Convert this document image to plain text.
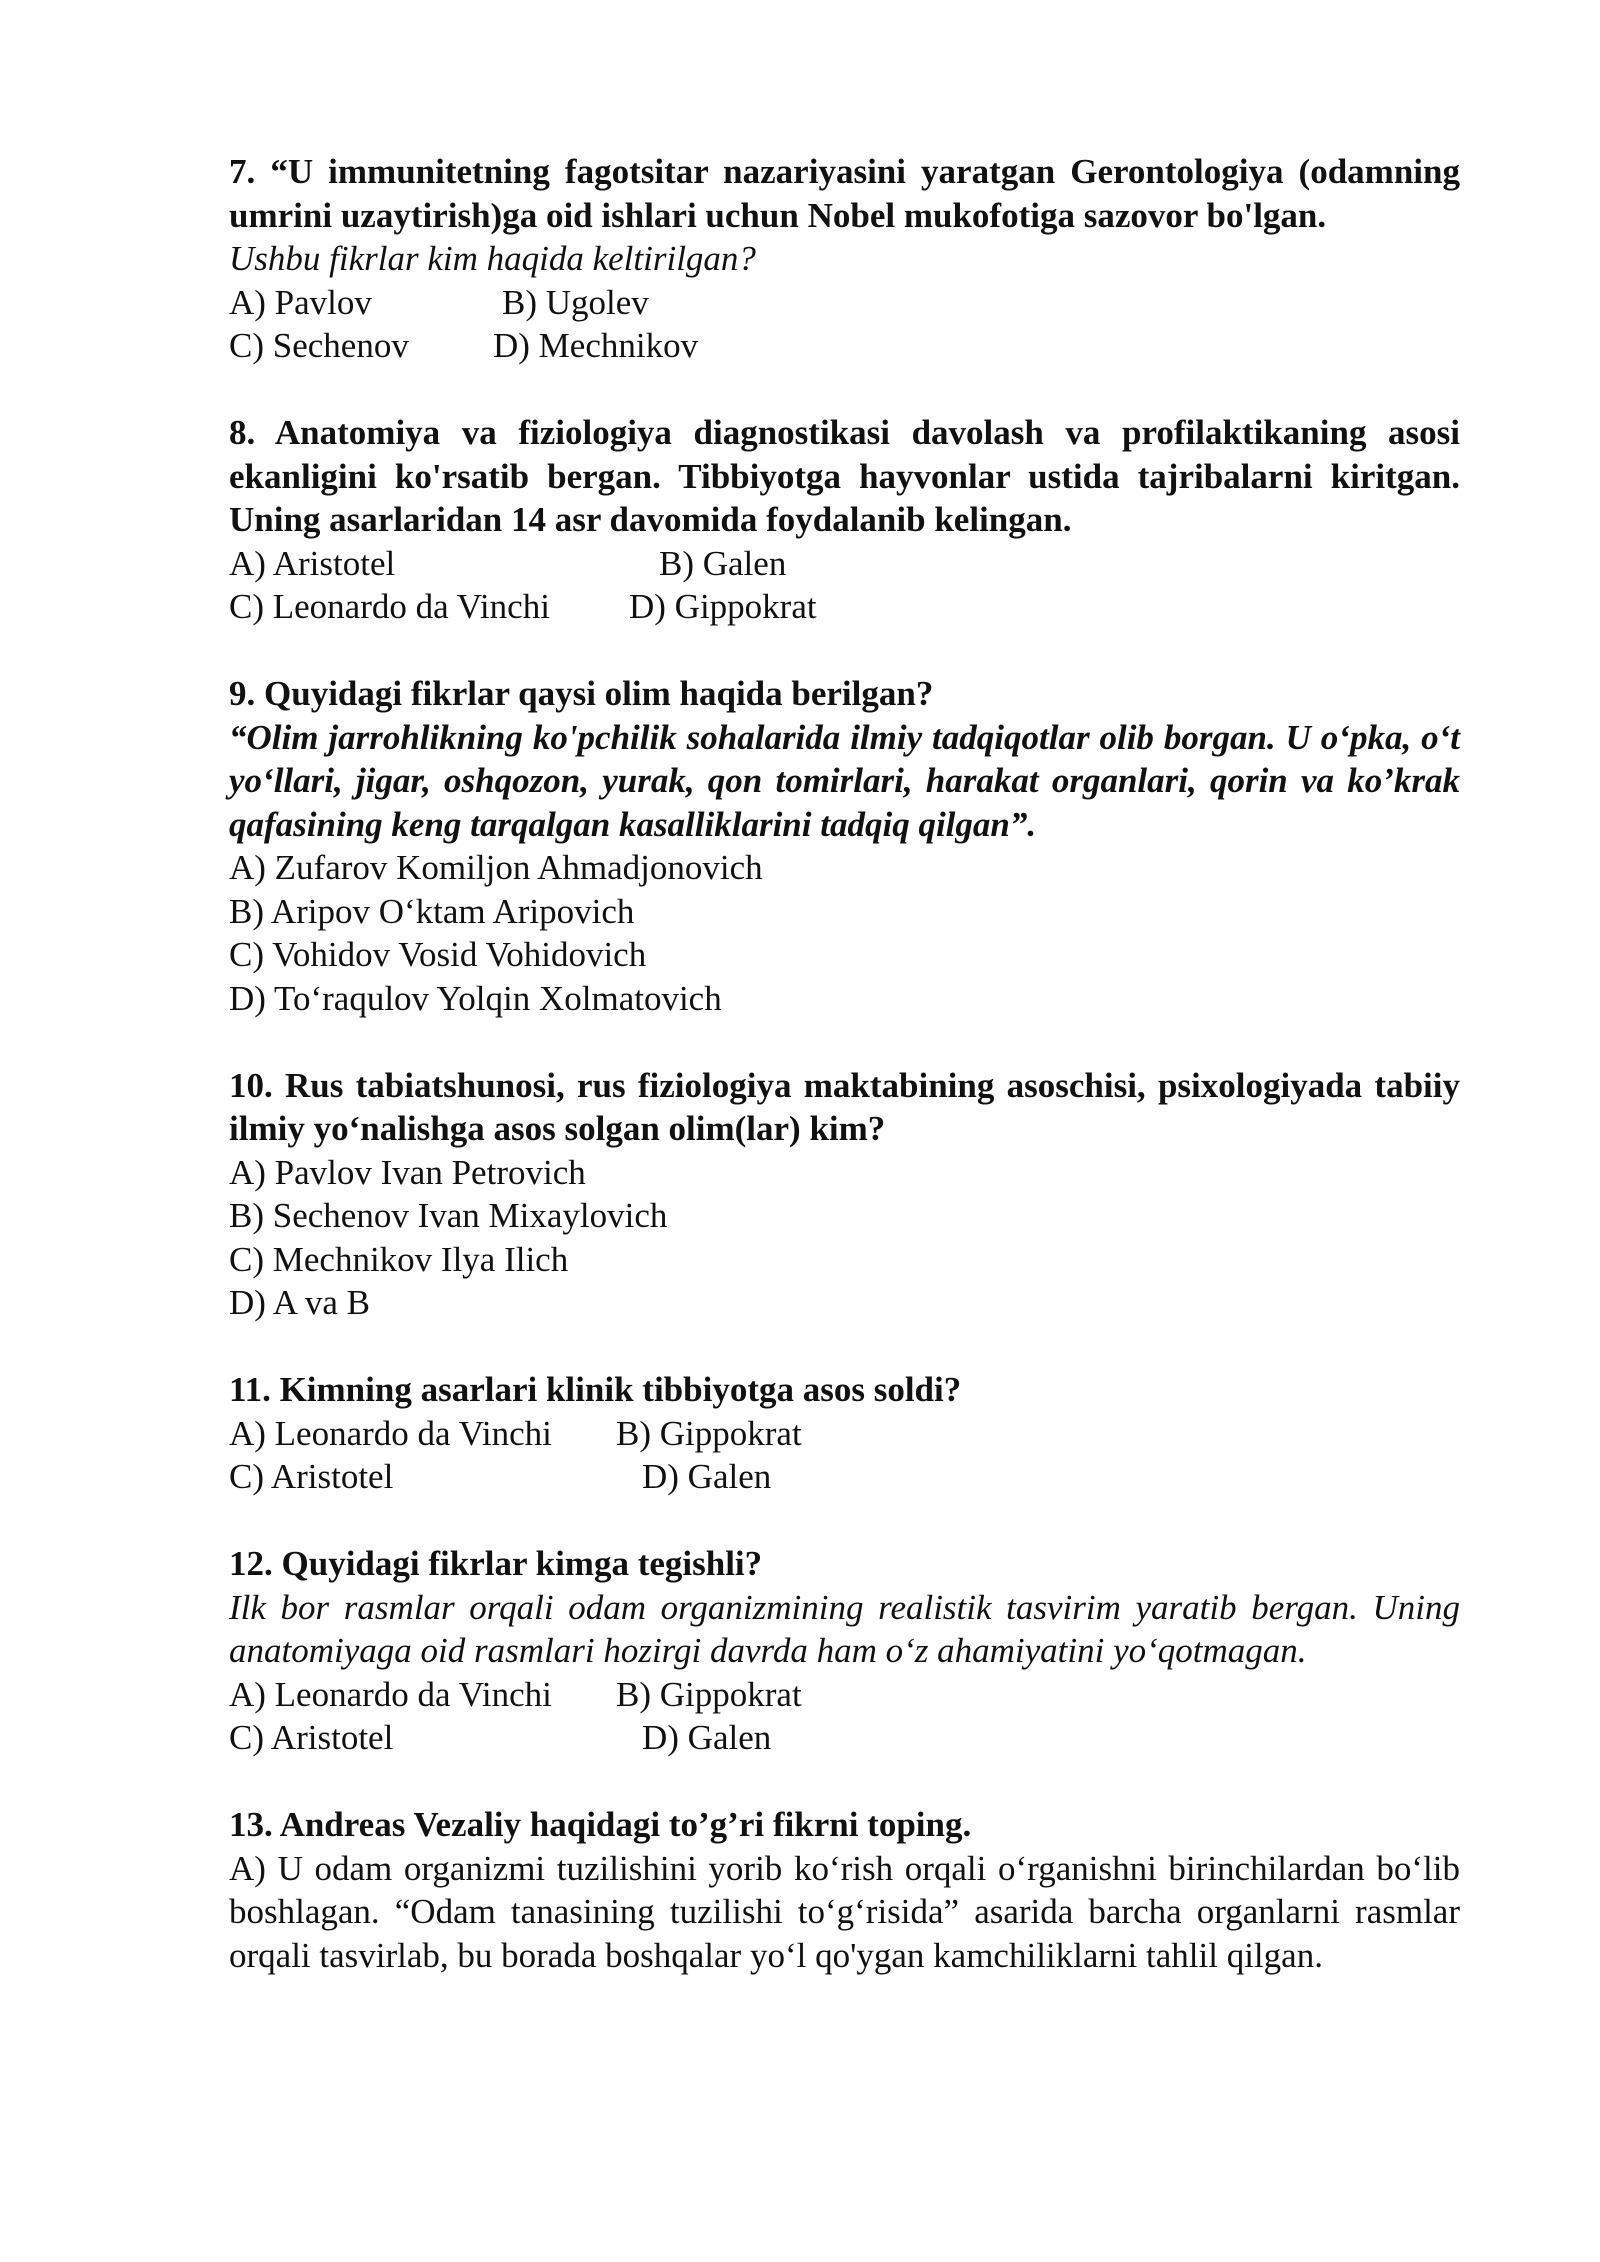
7. “U immunitetning fagotsitar nazariyasini yaratgan Gerontologiya (odamning umrini uzaytirish)ga oid ishlari uchun Nobel mukofotiga sazovor bo'lgan.

Ushbu fikrlar kim haqida keltirilgan?

A) Pavlov	B) Ugolev
C) Sechenov D) Mechnikov

8. Anatomiya va fiziologiya diagnostikasi davolash va profilaktikaning asosi ekanligini ko'rsatib bergan. Tibbiyotga hayvonlar ustida tajribalarni kiritgan. Uning asarlaridan 14 asr davomida foydalanib kelingan.

A) Aristotel	B) Galen
C) Leonardo da Vinchi D) Gippokrat

9. Quyidagi fikrlar qaysi olim haqida berilgan?

“Olim jarrohlikning ko'pchilik sohalarida ilmiy tadqiqotlar olib borgan. U o‘pka, o‘t yo‘llari, jigar, oshqozon, yurak, qon tomirlari, harakat organlari, qorin va ko’krak qafasining keng tarqalgan kasalliklarini tadqiq qilgan”.

A) Zufarov Komiljon Ahmadjonovich

B) Aripov O‘ktam Aripovich

C) Vohidov Vosid Vohidovich

D) To‘raqulov Yolqin Xolmatovich

10. Rus tabiatshunosi, rus fiziologiya maktabining asoschisi, psixologiyada tabiiy ilmiy yo‘nalishga asos solgan olim(lar) kim?

A) Pavlov Ivan Petrovich

B) Sechenov Ivan Mixaylovich

C) Mechnikov Ilya Ilich

D) A va B

11. Kimning asarlari klinik tibbiyotga asos soldi?

A) Leonardo da Vinchi B) Gippokrat
C) Aristotel	D) Galen

12. Quyidagi fikrlar kimga tegishli?

Ilk bor rasmlar orqali odam organizmining realistik tasvirim yaratib bergan. Uning anatomiyaga oid rasmlari hozirgi davrda ham o‘z ahamiyatini yo‘qotmagan.

A) Leonardo da Vinchi B) Gippokrat
C) Aristotel	D) Galen

13. Andreas Vezaliy haqidagi to’g’ri fikrni toping.

A) U odam organizmi tuzilishini yorib ko‘rish orqali o‘rganishni birinchilardan bo‘lib boshlagan. “Odam tanasining tuzilishi to‘g‘risida” asarida barcha organlarni rasmlar orqali tasvirlab, bu borada boshqalar yo‘l qo'ygan kamchiliklarni tahlil qilgan.
